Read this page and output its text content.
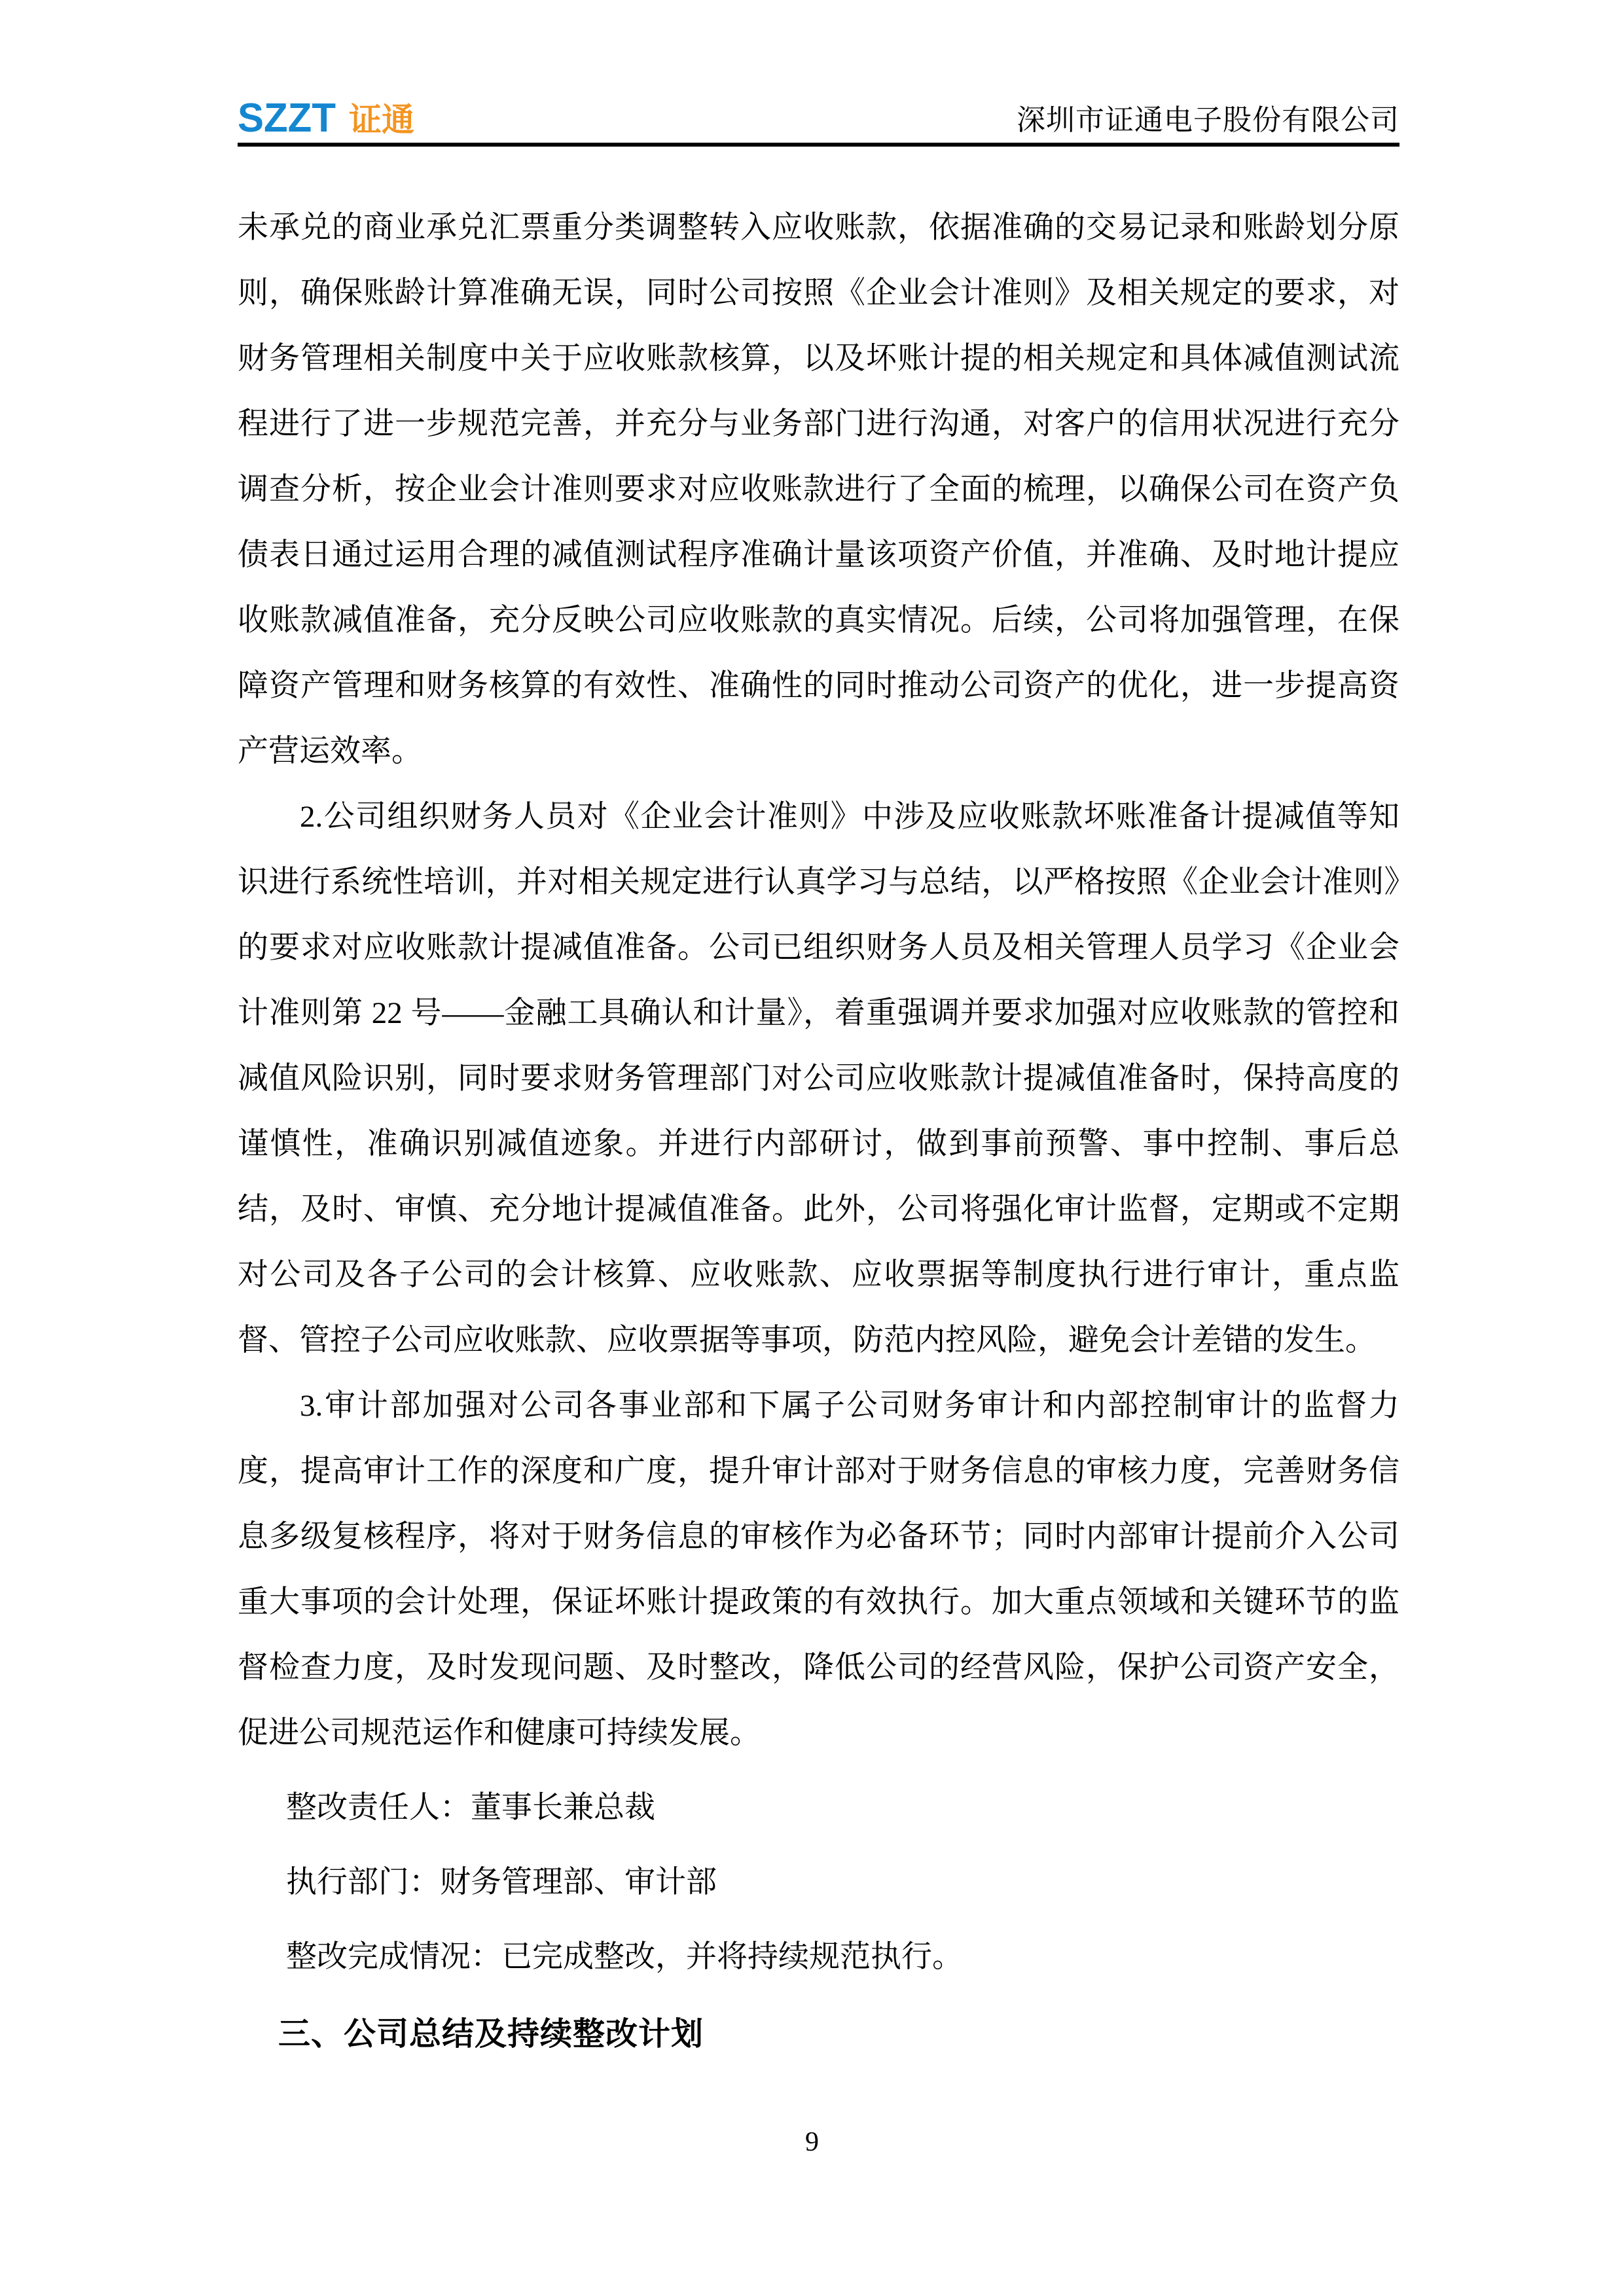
SZZT 证通	深圳市证通电子股份有限公司

未承兑的商业承兑汇票重分类调整转入应收账款，依据准确的交易记录和账龄划分原则，确保账龄计算准确无误，同时公司按照《企业会计准则》及相关规定的要求，对财务管理相关制度中关于应收账款核算，以及坏账计提的相关规定和具体减值测试流程进行了进一步规范完善，并充分与业务部门进行沟通，对客户的信用状况进行充分调查分析，按企业会计准则要求对应收账款进行了全面的梳理，以确保公司在资产负债表日通过运用合理的减值测试程序准确计量该项资产价值，并准确、及时地计提应收账款减值准备，充分反映公司应收账款的真实情况。后续，公司将加强管理，在保障资产管理和财务核算的有效性、准确性的同时推动公司资产的优化，进一步提高资产营运效率。

2.公司组织财务人员对《企业会计准则》中涉及应收账款坏账准备计提减值等知识进行系统性培训，并对相关规定进行认真学习与总结，以严格按照《企业会计准则》的要求对应收账款计提减值准备。公司已组织财务人员及相关管理人员学习《企业会计准则第 22 号——金融工具确认和计量》，着重强调并要求加强对应收账款的管控和减值风险识别，同时要求财务管理部门对公司应收账款计提减值准备时，保持高度的谨慎性，准确识别减值迹象。并进行内部研讨，做到事前预警、事中控制、事后总结，及时、审慎、充分地计提减值准备。此外，公司将强化审计监督，定期或不定期对公司及各子公司的会计核算、应收账款、应收票据等制度执行进行审计，重点监督、管控子公司应收账款、应收票据等事项，防范内控风险，避免会计差错的发生。

3.审计部加强对公司各事业部和下属子公司财务审计和内部控制审计的监督力度，提高审计工作的深度和广度，提升审计部对于财务信息的审核力度，完善财务信息多级复核程序，将对于财务信息的审核作为必备环节；同时内部审计提前介入公司重大事项的会计处理，保证坏账计提政策的有效执行。加大重点领域和关键环节的监督检查力度，及时发现问题、及时整改，降低公司的经营风险，保护公司资产安全，促进公司规范运作和健康可持续发展。

整改责任人：董事长兼总裁

执行部门：财务管理部、审计部

整改完成情况：已完成整改，并将持续规范执行。

三、公司总结及持续整改计划
9
